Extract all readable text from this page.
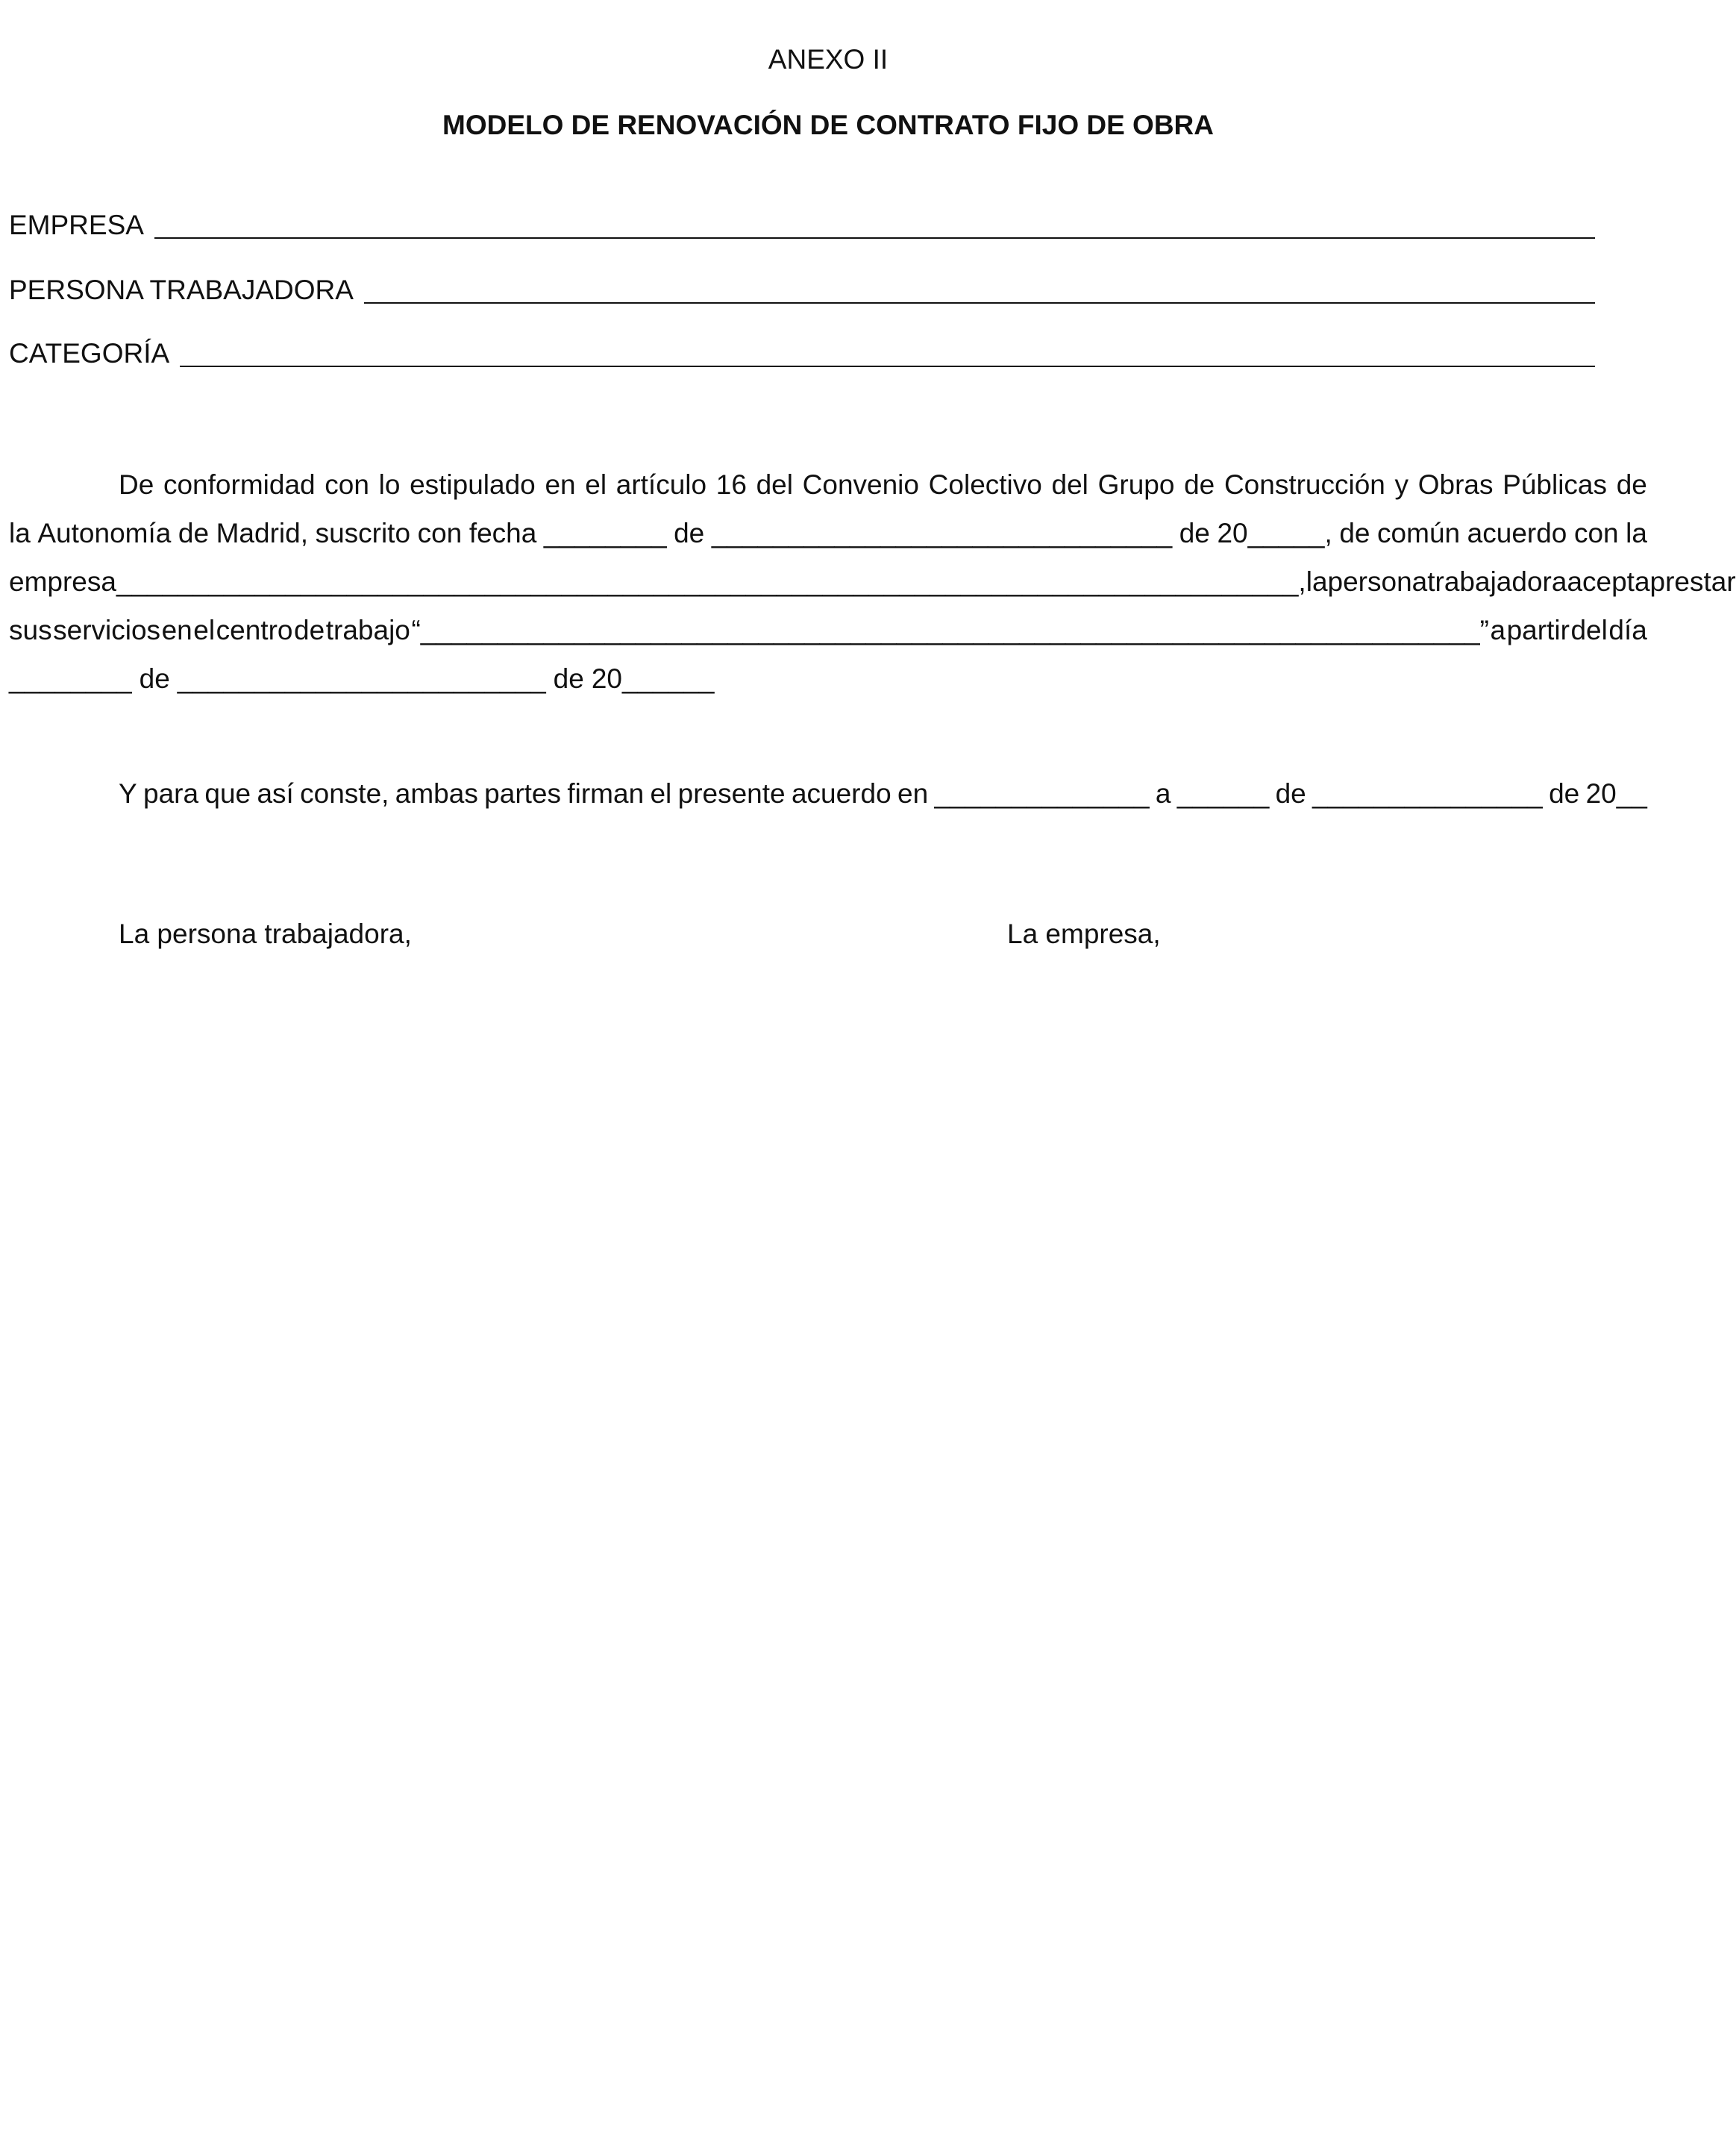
ANEXO II
MODELO DE RENOVACIÓN DE CONTRATO FIJO DE OBRA
EMPRESA
PERSONA TRABAJADORA
CATEGORÍA
De conformidad con lo estipulado en el artículo 16 del Convenio Colectivo del Grupo de Construcción y Obras Públicas de
la Autonomía de Madrid, suscrito con fecha ________ de ______________________________ de 20_____, de común acuerdo con la
empresa _____________________________________________________________________________, la persona trabajadora acepta prestar
sus servicios en el centro de trabajo “_____________________________________________________________________” a partir del día
________ de ________________________ de 20______
Y para que así conste, ambas partes firman el presente acuerdo en ______________ a ______ de _______________ de 20__
La persona trabajadora,	La empresa,
